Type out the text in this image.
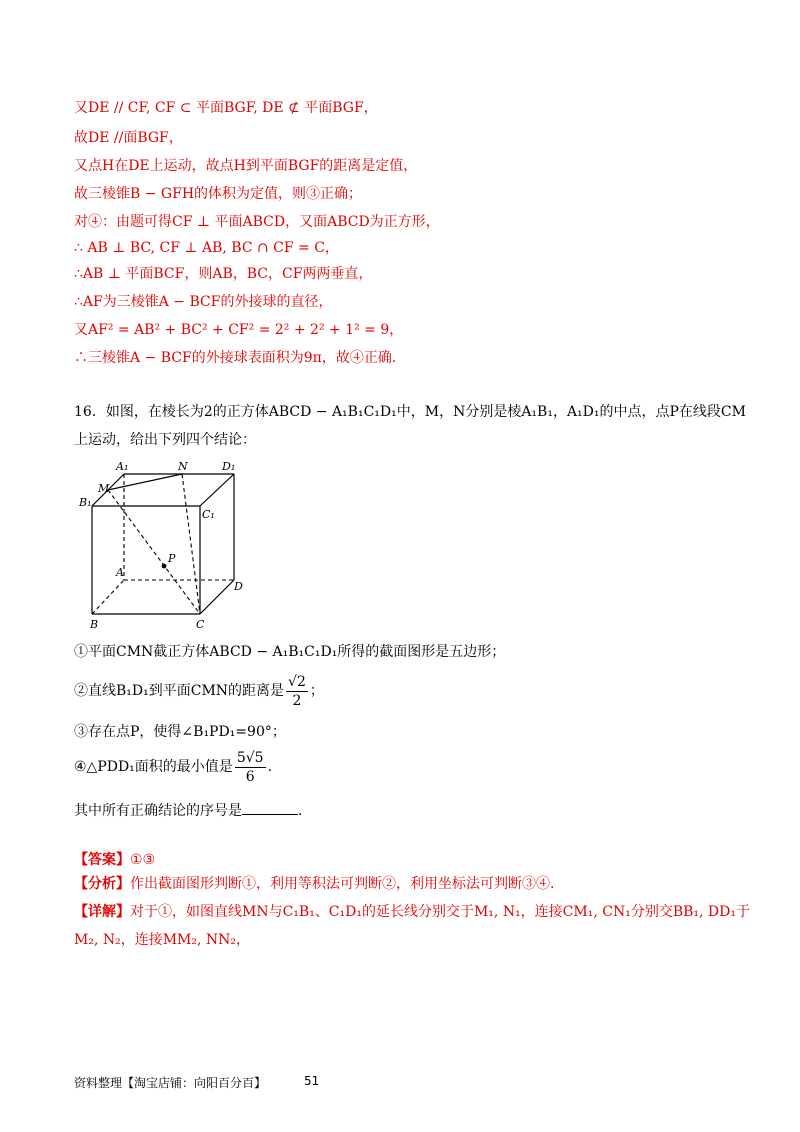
又DE // CF, CF ⊂ 平面BGF, DE ⊄ 平面BGF，
故DE //面BGF，
又点H在DE上运动，故点H到平面BGF的距离是定值，
故三棱锥B − GFH的体积为定值，则③正确；
对④：由题可得CF ⊥ 平面ABCD，又面ABCD为正方形，
∴ AB ⊥ BC, CF ⊥ AB, BC ∩ CF = C，
∴AB ⊥ 平面BCF，则AB，BC，CF两两垂直，
∴AF为三棱锥A − BCF的外接球的直径，
又AF² = AB² + BC² + CF² = 2² + 2² + 1² = 9，
∴三棱锥A − BCF的外接球表面积为9π，故④正确.
16．如图，在棱长为2的正方体ABCD − A₁B₁C₁D₁中，M，N分别是棱A₁B₁，A₁D₁的中点，点P在线段CM
上运动，给出下列四个结论：
A₁	N	D₁
M
B₁
C₁
P
A
D
B	C
①平面CMN截正方体ABCD − A₁B₁C₁D₁所得的截面图形是五边形；
②直线B₁D₁到平面CMN的距离是 $\frac{√2}{2}$ ；
③存在点P，使得∠B₁PD₁=90°；
④△PDD₁面积的最小值是 $\frac{5√5}{6}$ .
其中所有正确结论的序号是	.
【答案】①③
【分析】作出截面图形判断①，利用等积法可判断②，利用坐标法可判断③④.
【详解】对于①，如图直线MN与C₁B₁、C₁D₁的延长线分别交于M₁, N₁，连接CM₁, CN₁分别交BB₁, DD₁于
M₂, N₂，连接MM₂, NN₂，
资料整理【淘宝店铺：向阳百分百】	51
